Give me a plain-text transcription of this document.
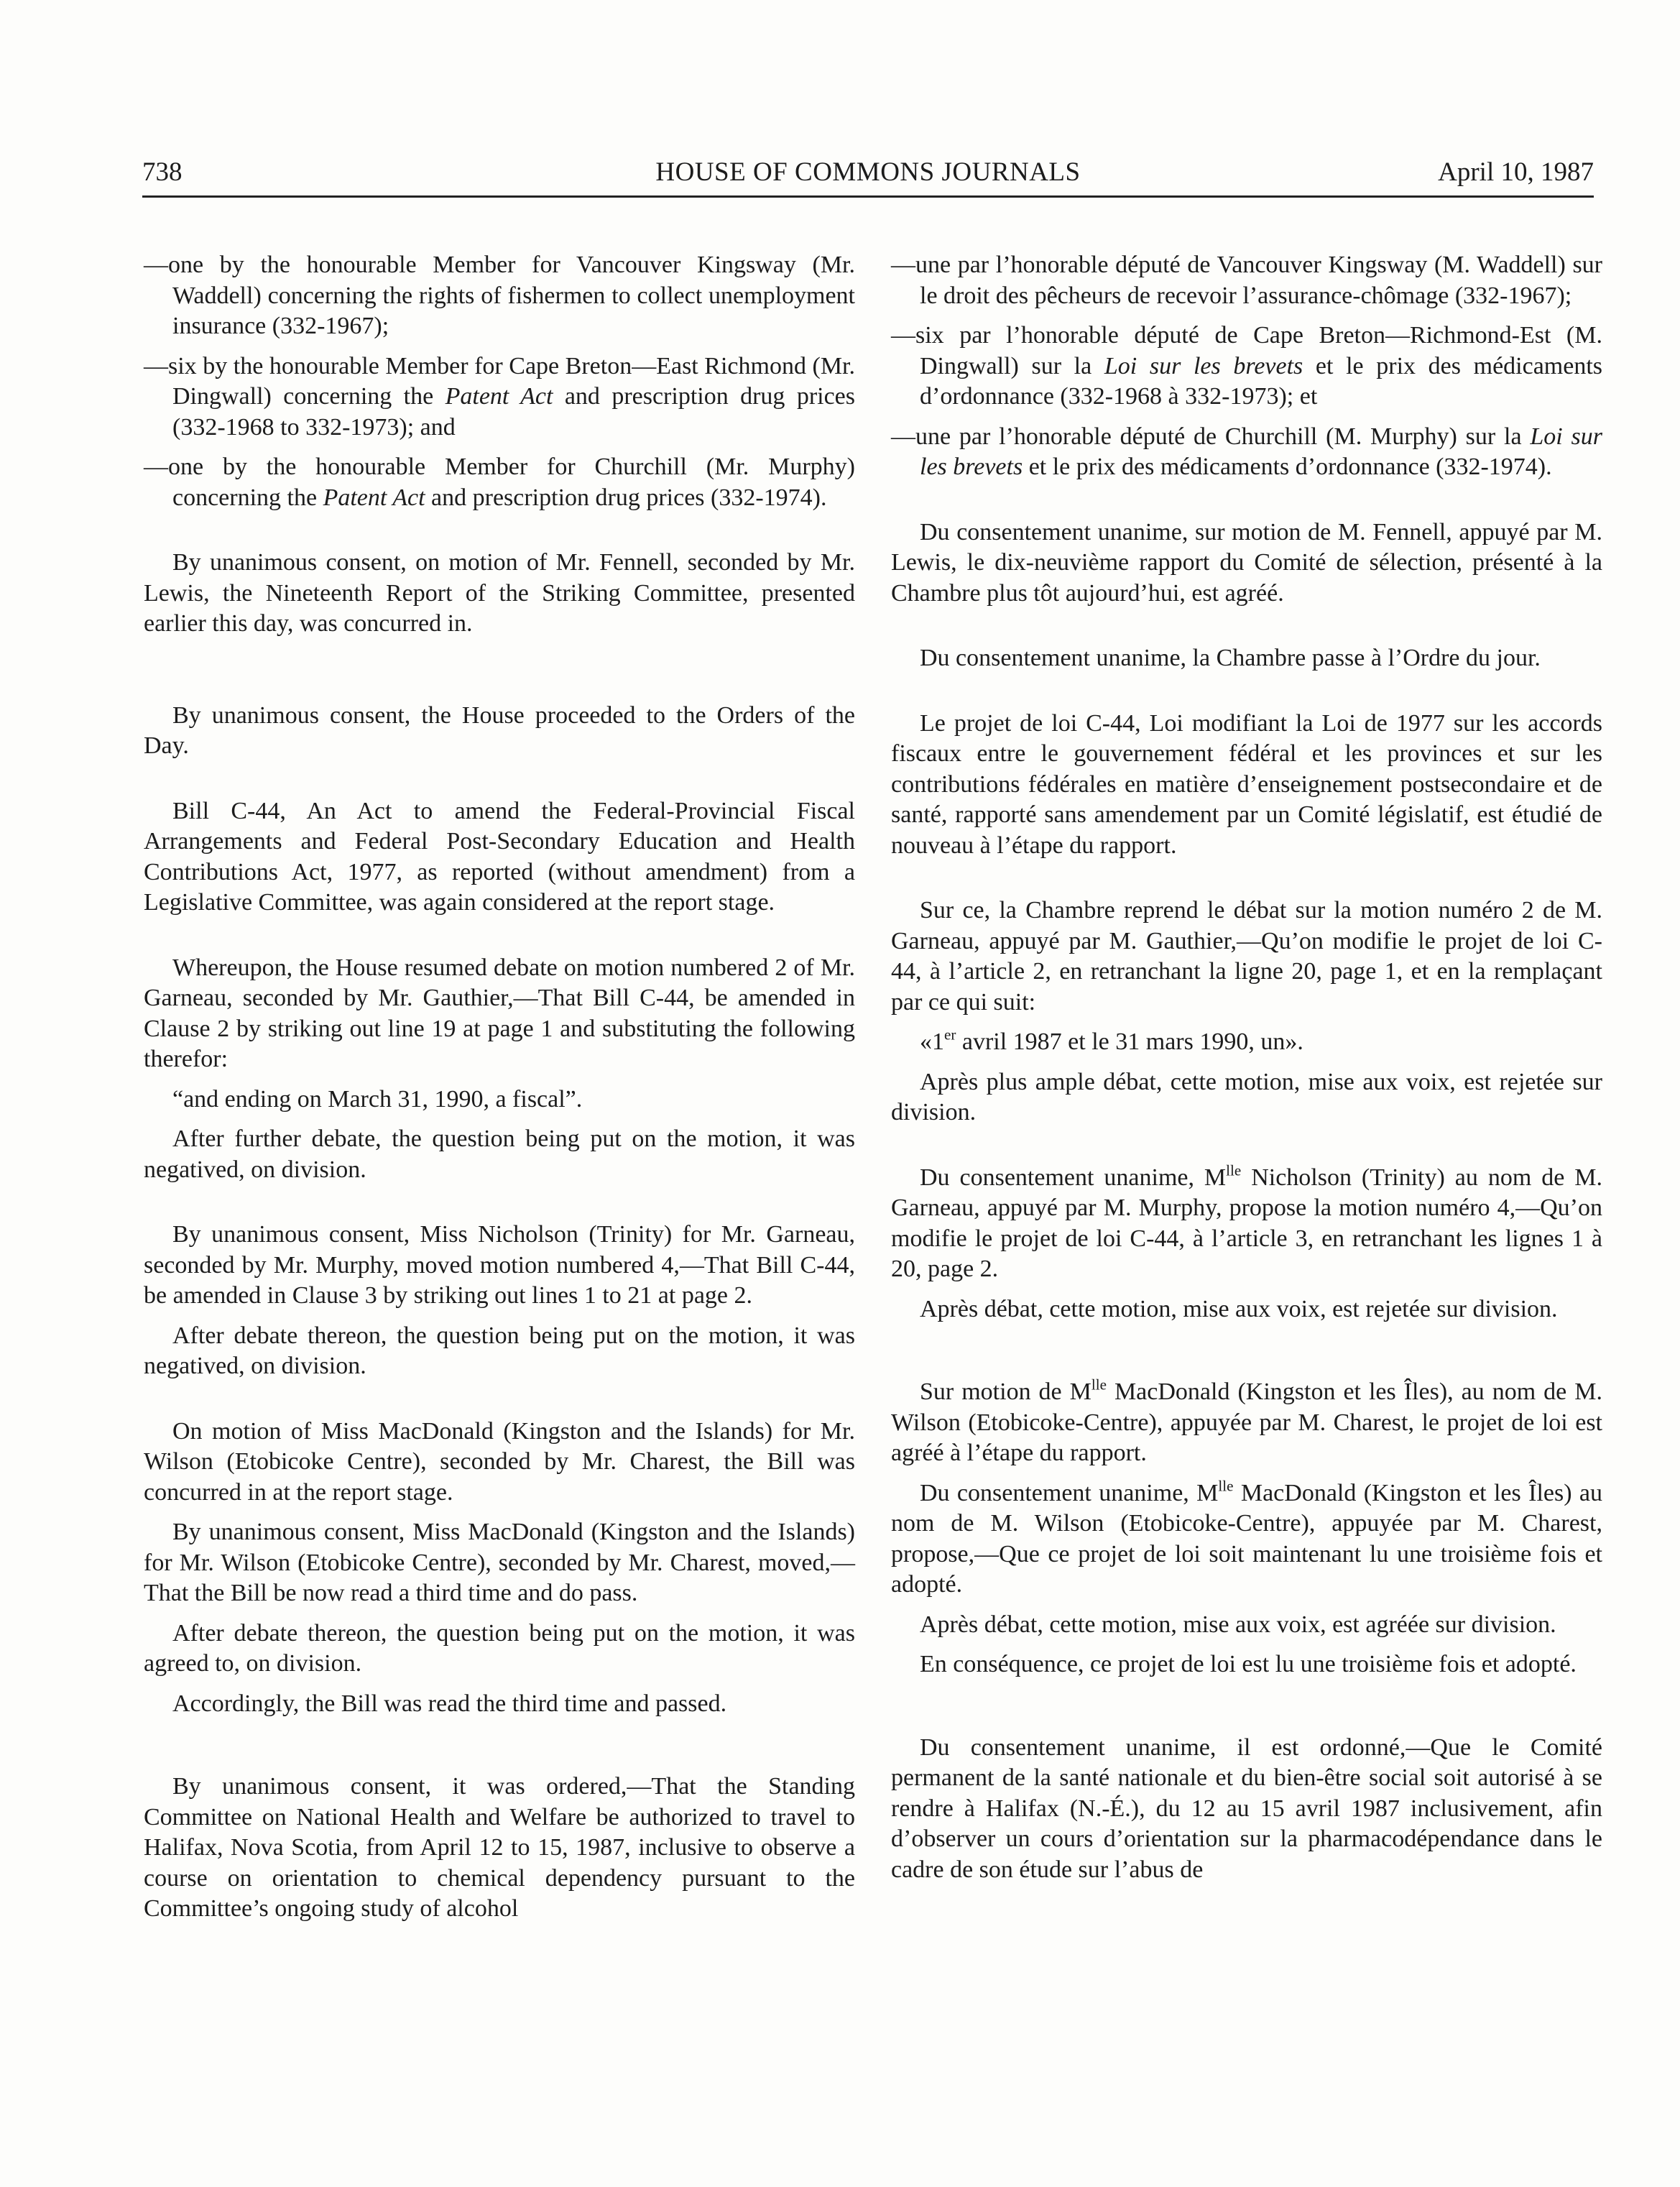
738	HOUSE OF COMMONS JOURNALS	April 10, 1987

—one by the honourable Member for Vancouver Kingsway (Mr. Waddell) concerning the rights of fishermen to collect unemployment insurance (332-1967);

—six by the honourable Member for Cape Breton—East Richmond (Mr. Dingwall) concerning the Patent Act and prescription drug prices (332-1968 to 332-1973); and

—one by the honourable Member for Churchill (Mr. Murphy) concerning the Patent Act and prescription drug prices (332-1974).

By unanimous consent, on motion of Mr. Fennell, seconded by Mr. Lewis, the Nineteenth Report of the Striking Committee, presented earlier this day, was concurred in.

By unanimous consent, the House proceeded to the Orders of the Day.

Bill C-44, An Act to amend the Federal-Provincial Fiscal Arrangements and Federal Post-Secondary Education and Health Contributions Act, 1977, as reported (without amendment) from a Legislative Committee, was again considered at the report stage.

Whereupon, the House resumed debate on motion numbered 2 of Mr. Garneau, seconded by Mr. Gauthier,—That Bill C-44, be amended in Clause 2 by striking out line 19 at page 1 and substituting the following therefor:

“and ending on March 31, 1990, a fiscal”.

After further debate, the question being put on the motion, it was negatived, on division.

By unanimous consent, Miss Nicholson (Trinity) for Mr. Garneau, seconded by Mr. Murphy, moved motion numbered 4,—That Bill C-44, be amended in Clause 3 by striking out lines 1 to 21 at page 2.

After debate thereon, the question being put on the motion, it was negatived, on division.

On motion of Miss MacDonald (Kingston and the Islands) for Mr. Wilson (Etobicoke Centre), seconded by Mr. Charest, the Bill was concurred in at the report stage.

By unanimous consent, Miss MacDonald (Kingston and the Islands) for Mr. Wilson (Etobicoke Centre), seconded by Mr. Charest, moved,—That the Bill be now read a third time and do pass.

After debate thereon, the question being put on the motion, it was agreed to, on division.

Accordingly, the Bill was read the third time and passed.

By unanimous consent, it was ordered,—That the Standing Committee on National Health and Welfare be authorized to travel to Halifax, Nova Scotia, from April 12 to 15, 1987, inclusive to observe a course on orientation to chemical dependency pursuant to the Committee’s ongoing study of alcohol

—une par l’honorable député de Vancouver Kingsway (M. Waddell) sur le droit des pêcheurs de recevoir l’assurance-chômage (332-1967);

—six par l’honorable député de Cape Breton—Richmond-Est (M. Dingwall) sur la Loi sur les brevets et le prix des médicaments d’ordonnance (332-1968 à 332-1973); et

—une par l’honorable député de Churchill (M. Murphy) sur la Loi sur les brevets et le prix des médicaments d’ordonnance (332-1974).

Du consentement unanime, sur motion de M. Fennell, appuyé par M. Lewis, le dix-neuvième rapport du Comité de sélection, présenté à la Chambre plus tôt aujourd’hui, est agréé.

Du consentement unanime, la Chambre passe à l’Ordre du jour.

Le projet de loi C-44, Loi modifiant la Loi de 1977 sur les accords fiscaux entre le gouvernement fédéral et les provinces et sur les contributions fédérales en matière d’enseignement postsecondaire et de santé, rapporté sans amendement par un Comité législatif, est étudié de nouveau à l’étape du rapport.

Sur ce, la Chambre reprend le débat sur la motion numéro 2 de M. Garneau, appuyé par M. Gauthier,—Qu’on modifie le projet de loi C-44, à l’article 2, en retranchant la ligne 20, page 1, et en la remplaçant par ce qui suit:

«1er avril 1987 et le 31 mars 1990, un».

Après plus ample débat, cette motion, mise aux voix, est rejetée sur division.

Du consentement unanime, $M^{lle}$ Nicholson (Trinity) au nom de M. Garneau, appuyé par M. Murphy, propose la motion numéro 4,—Qu’on modifie le projet de loi C-44, à l’article 3, en retranchant les lignes 1 à 20, page 2.

Après débat, cette motion, mise aux voix, est rejetée sur division.

Sur motion de $M^{lle}$ MacDonald (Kingston et les Îles), au nom de M. Wilson (Etobicoke-Centre), appuyée par M. Charest, le projet de loi est agréé à l’étape du rapport.

Du consentement unanime, $M^{lle}$ MacDonald (Kingston et les Îles) au nom de M. Wilson (Etobicoke-Centre), appuyée par M. Charest, propose,—Que ce projet de loi soit maintenant lu une troisième fois et adopté.

Après débat, cette motion, mise aux voix, est agréée sur division.

En conséquence, ce projet de loi est lu une troisième fois et adopté.

Du consentement unanime, il est ordonné,—Que le Comité permanent de la santé nationale et du bien-être social soit autorisé à se rendre à Halifax (N.-É.), du 12 au 15 avril 1987 inclusivement, afin d’observer un cours d’orientation sur la pharmacodépendance dans le cadre de son étude sur l’abus de
